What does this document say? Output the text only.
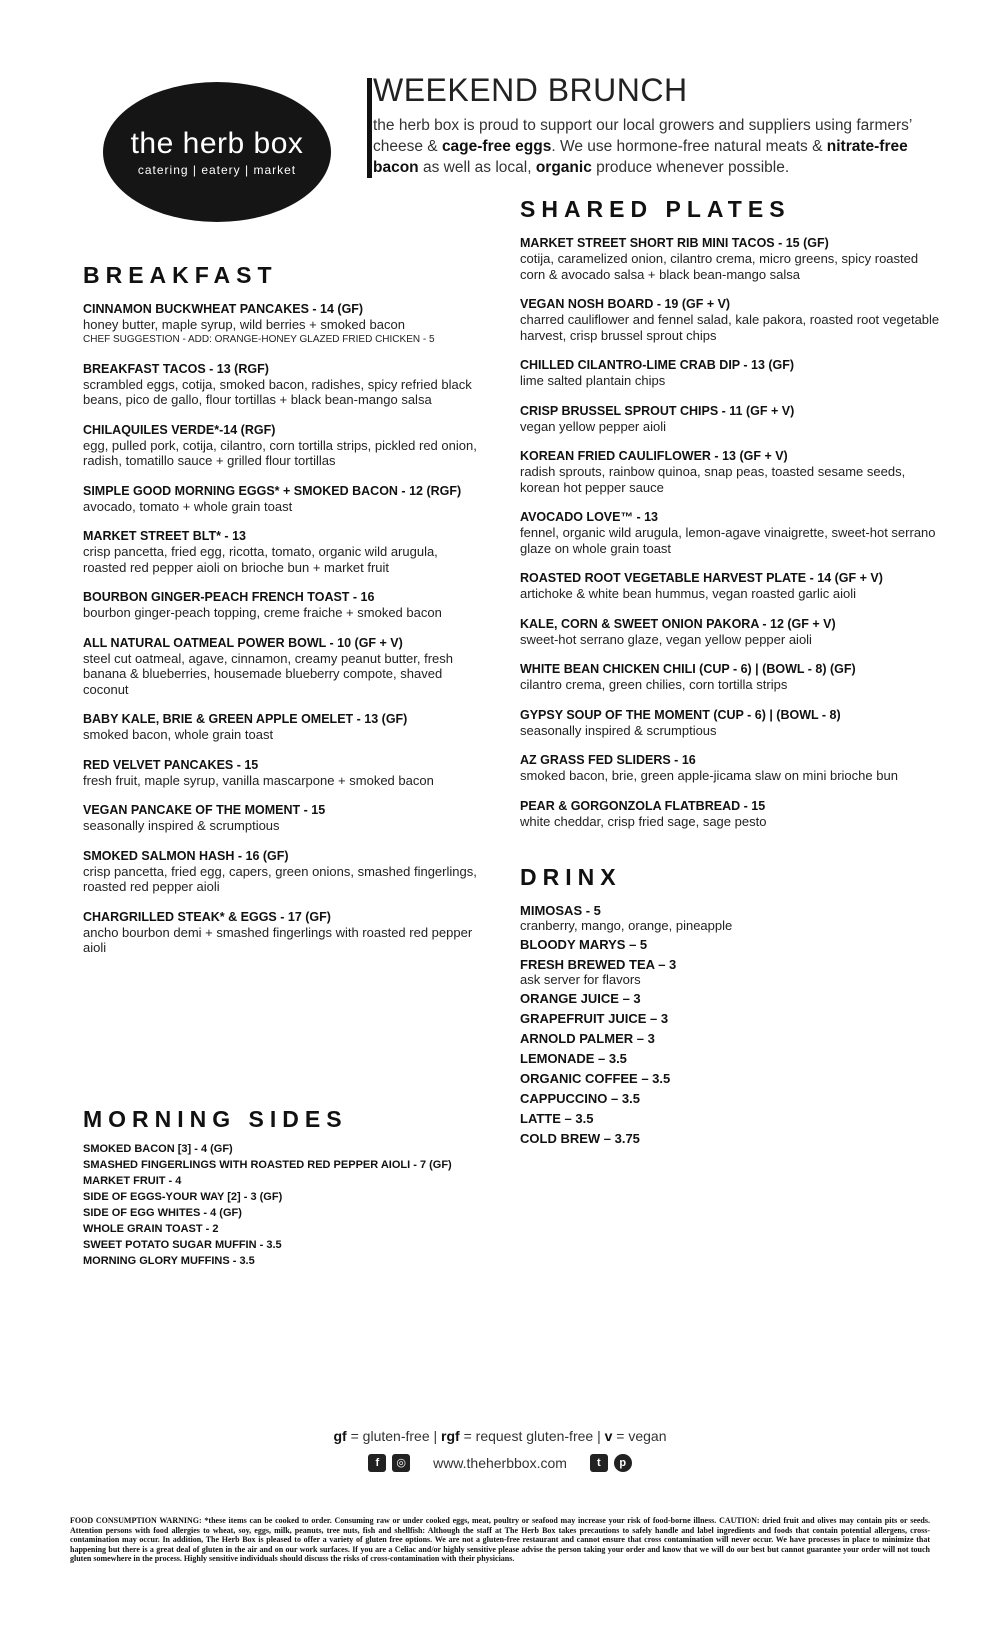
the herb box
catering | eatery | market
WEEKEND BRUNCH

the herb box is proud to support our local growers and suppliers using farmers’ cheese & cage-free eggs. We use hormone-free natural meats & nitrate-free bacon as well as local, organic produce whenever possible.

BREAKFAST
CINNAMON BUCKWHEAT PANCAKES - 14 (GF)
honey butter, maple syrup, wild berries + smoked bacon
CHEF SUGGESTION - ADD: ORANGE-HONEY GLAZED FRIED CHICKEN - 5
BREAKFAST TACOS - 13 (RGF)
scrambled eggs, cotija, smoked bacon, radishes, spicy refried black beans, pico de gallo, flour tortillas + black bean-mango salsa
CHILAQUILES VERDE*-14 (RGF)
egg, pulled pork, cotija, cilantro, corn tortilla strips, pickled red onion, radish, tomatillo sauce + grilled flour tortillas
SIMPLE GOOD MORNING EGGS* + SMOKED BACON - 12 (RGF)
avocado, tomato + whole grain toast
MARKET STREET BLT* - 13
crisp pancetta, fried egg, ricotta, tomato, organic wild arugula, roasted red pepper aioli on brioche bun + market fruit
BOURBON GINGER-PEACH FRENCH TOAST - 16
bourbon ginger-peach topping, creme fraiche + smoked bacon
ALL NATURAL OATMEAL POWER BOWL - 10 (GF + V)
steel cut oatmeal, agave, cinnamon, creamy peanut butter, fresh banana & blueberries, housemade blueberry compote, shaved coconut
BABY KALE, BRIE & GREEN APPLE OMELET - 13 (GF)
smoked bacon, whole grain toast
RED VELVET PANCAKES - 15
fresh fruit, maple syrup, vanilla mascarpone + smoked bacon
VEGAN PANCAKE OF THE MOMENT - 15
seasonally inspired & scrumptious
SMOKED SALMON HASH - 16 (GF)
crisp pancetta, fried egg, capers, green onions, smashed fingerlings, roasted red pepper aioli
CHARGRILLED STEAK* & EGGS - 17 (GF)
ancho bourbon demi + smashed fingerlings with roasted red pepper aioli
MORNING SIDES
SMOKED BACON [3] - 4 (GF)
SMASHED FINGERLINGS WITH ROASTED RED PEPPER AIOLI - 7 (GF)
MARKET FRUIT - 4
SIDE OF EGGS-YOUR WAY [2] - 3 (GF)
SIDE OF EGG WHITES - 4 (GF)
WHOLE GRAIN TOAST - 2
SWEET POTATO SUGAR MUFFIN - 3.5
MORNING GLORY MUFFINS - 3.5
SHARED PLATES
MARKET STREET SHORT RIB MINI TACOS - 15 (GF)
cotija, caramelized onion, cilantro crema, micro greens, spicy roasted corn & avocado salsa + black bean-mango salsa
VEGAN NOSH BOARD - 19 (GF + V)
charred cauliflower and fennel salad, kale pakora, roasted root vegetable harvest, crisp brussel sprout chips
CHILLED CILANTRO-LIME CRAB DIP - 13 (GF)
lime salted plantain chips
CRISP BRUSSEL SPROUT CHIPS - 11 (GF + V)
vegan yellow pepper aioli
KOREAN FRIED CAULIFLOWER - 13 (GF + V)
radish sprouts, rainbow quinoa, snap peas, toasted sesame seeds, korean hot pepper sauce
AVOCADO LOVE™ - 13
fennel, organic wild arugula, lemon-agave vinaigrette, sweet-hot serrano glaze on whole grain toast
ROASTED ROOT VEGETABLE HARVEST PLATE - 14 (GF + V)
artichoke & white bean hummus, vegan roasted garlic aioli
KALE, CORN & SWEET ONION PAKORA - 12 (GF + V)
sweet-hot serrano glaze, vegan yellow pepper aioli
WHITE BEAN CHICKEN CHILI (CUP - 6) | (BOWL - 8) (GF)
cilantro crema, green chilies, corn tortilla strips
GYPSY SOUP OF THE MOMENT (CUP - 6) | (BOWL - 8)
seasonally inspired & scrumptious
AZ GRASS FED SLIDERS - 16
smoked bacon, brie, green apple-jicama slaw on mini brioche bun
PEAR & GORGONZOLA FLATBREAD - 15
white cheddar, crisp fried sage, sage pesto
DRINX
MIMOSAS - 5
cranberry, mango, orange, pineapple
BLOODY MARYS – 5
FRESH BREWED TEA – 3
ask server for flavors
ORANGE JUICE – 3
GRAPEFRUIT JUICE – 3
ARNOLD PALMER – 3
LEMONADE – 3.5
ORGANIC COFFEE – 3.5
CAPPUCCINO – 3.5
LATTE – 3.5
COLD BREW – 3.75
gf = gluten-free | rgf = request gluten-free | v = vegan
f ◎ www.theherbbox.com	t p
FOOD CONSUMPTION WARNING: *these items can be cooked to order. Consuming raw or under cooked eggs, meat, poultry or seafood may increase your risk of food-borne illness. CAUTION: dried fruit and olives may contain pits or seeds. Attention persons with food allergies to wheat, soy, eggs, milk, peanuts, tree nuts, fish and shellfish: Although the staff at The Herb Box takes precautions to safely handle and label ingredients and foods that contain potential allergens, cross-contamination may occur. In addition, The Herb Box is pleased to offer a variety of gluten free options. We are not a gluten-free restaurant and cannot ensure that cross contamination will never occur. We have processes in place to minimize that happening but there is a great deal of gluten in the air and on our work surfaces. If you are a Celiac and/or highly sensitive please advise the person taking your order and know that we will do our best but cannot guarantee your order will not touch gluten somewhere in the process. Highly sensitive individuals should discuss the risks of cross-contamination with their physicians.
